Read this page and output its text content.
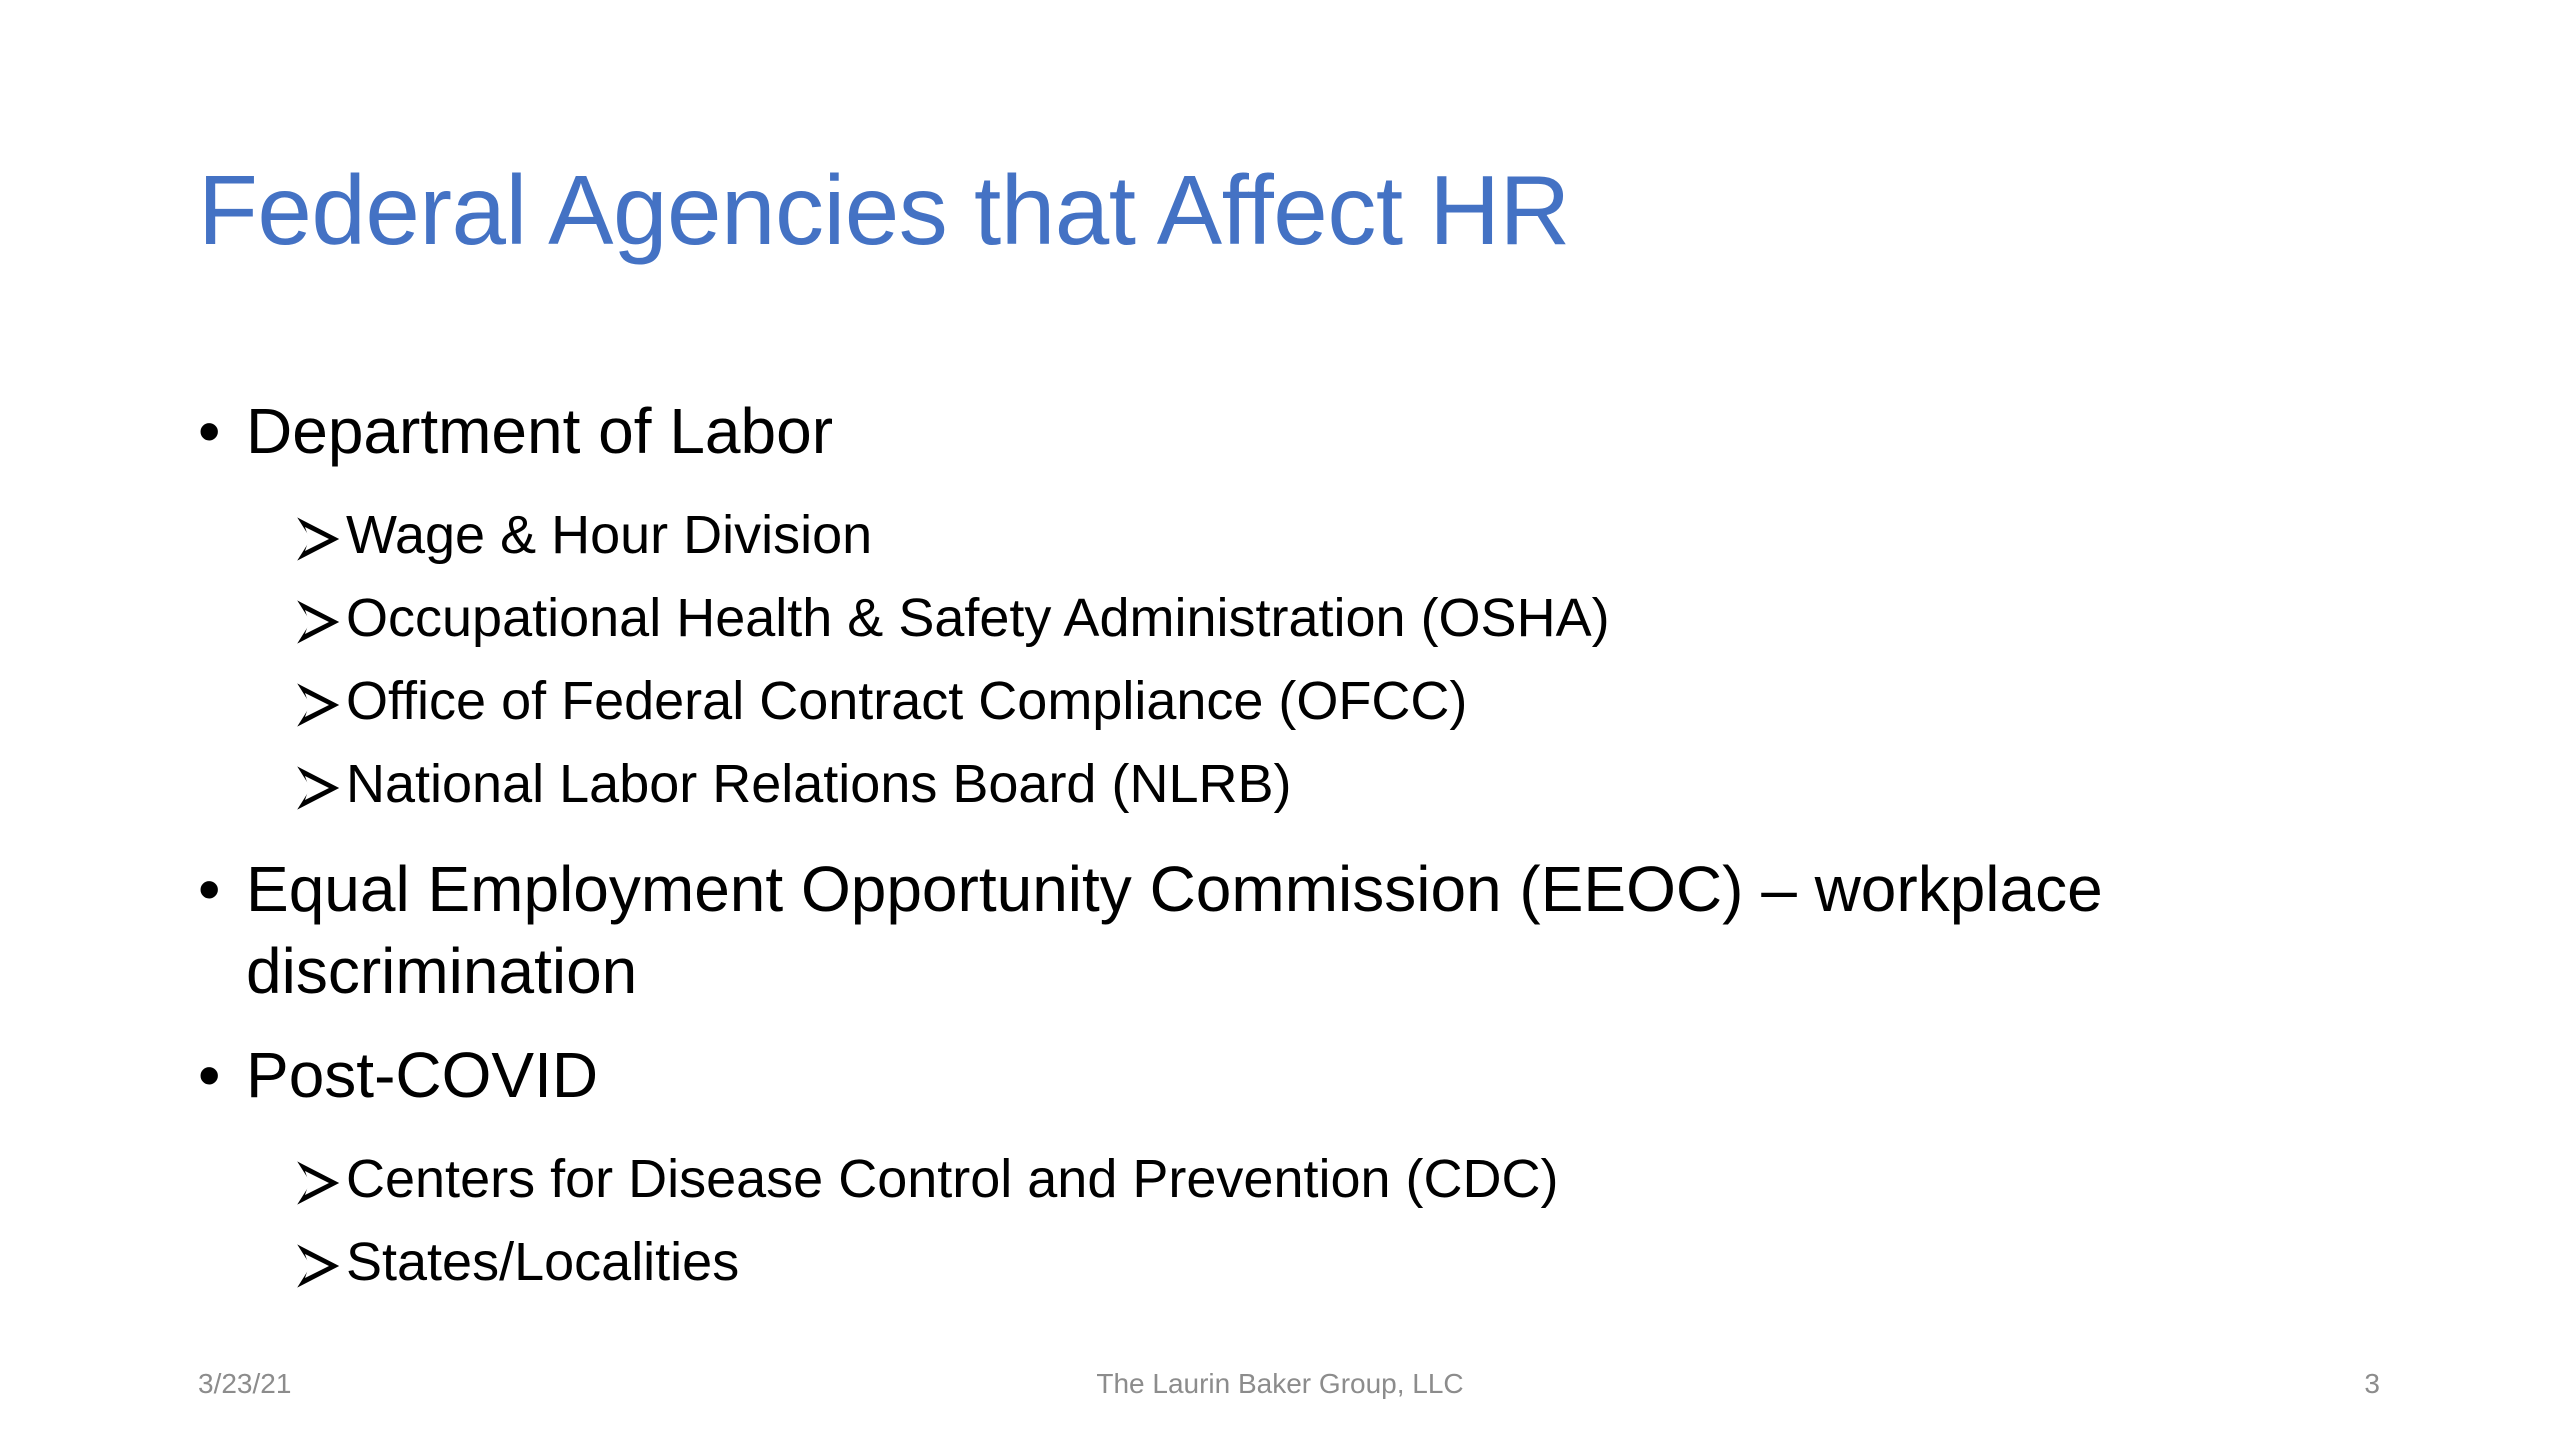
Federal Agencies that Affect HR
• Department of Labor
Wage & Hour Division
Occupational Health & Safety Administration (OSHA)
Office of Federal Contract Compliance (OFCC)
National Labor Relations Board (NLRB)
• Equal Employment Opportunity Commission (EEOC) – workplace discrimination
• Post-COVID
Centers for Disease Control and Prevention (CDC)
States/Localities
3/23/21	The Laurin Baker Group, LLC	3
